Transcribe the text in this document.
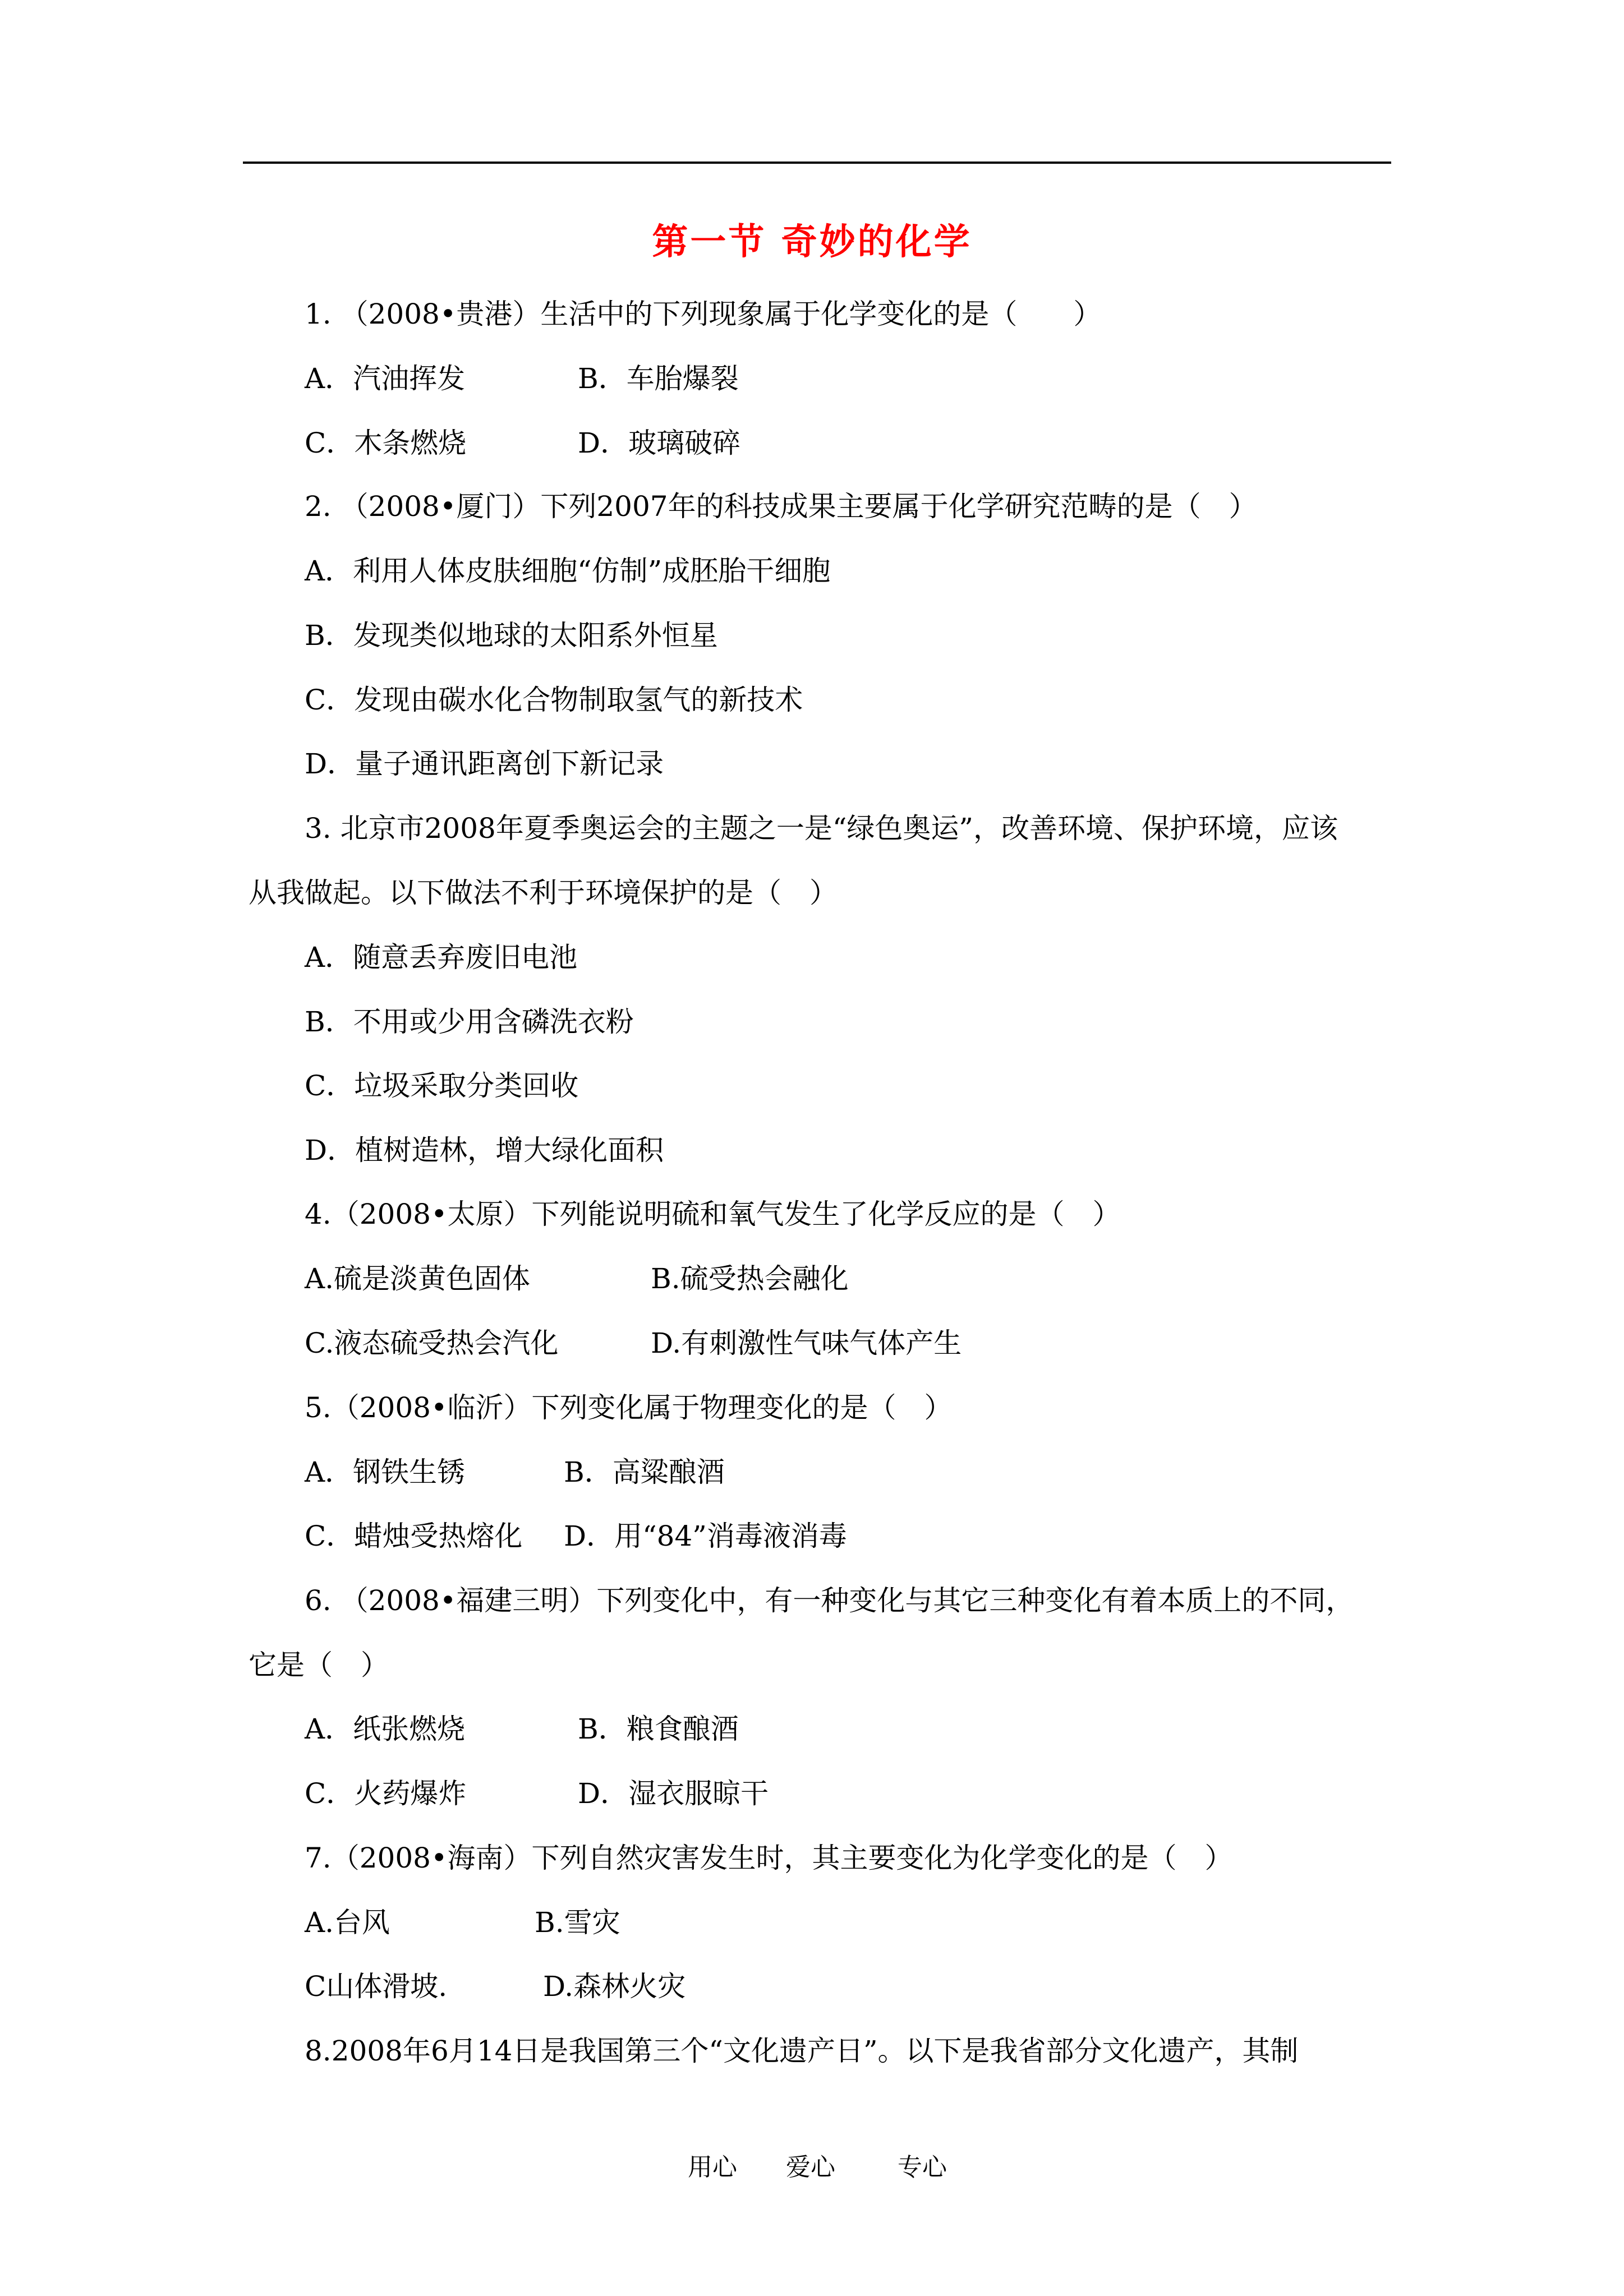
第一节 奇妙的化学
1. （2008•贵港）生活中的下列现象属于化学变化的是（　　）
A．汽油挥发	B．车胎爆裂
C．木条燃烧	D．玻璃破碎
2. （2008•厦门）下列2007年的科技成果主要属于化学研究范畴的是（　）
A．利用人体皮肤细胞“仿制”成胚胎干细胞
B．发现类似地球的太阳系外恒星
C．发现由碳水化合物制取氢气的新技术
D．量子通讯距离创下新记录
3. 北京市2008年夏季奥运会的主题之一是“绿色奥运”，改善环境、保护环境，应该
从我做起。以下做法不利于环境保护的是（　）
A．随意丢弃废旧电池
B．不用或少用含磷洗衣粉
C．垃圾采取分类回收
D．植树造林，增大绿化面积
4.（2008•太原）下列能说明硫和氧气发生了化学反应的是（　）
A.硫是淡黄色固体	B.硫受热会融化
C.液态硫受热会汽化	D.有刺激性气味气体产生
5.（2008•临沂）下列变化属于物理变化的是（　）
A．钢铁生锈	B．高粱酿酒
C．蜡烛受热熔化 D．用“84”消毒液消毒
6. （2008•福建三明）下列变化中，有一种变化与其它三种变化有着本质上的不同，
它是（　）
A．纸张燃烧	B．粮食酿酒
C．火药爆炸	D．湿衣服晾干
7.（2008•海南）下列自然灾害发生时，其主要变化为化学变化的是（　）
A.台风	B.雪灾
C山体滑坡.	D.森林火灾
8.2008年6月14日是我国第三个“文化遗产日”。以下是我省部分文化遗产，其制
用心 爱心	专心
